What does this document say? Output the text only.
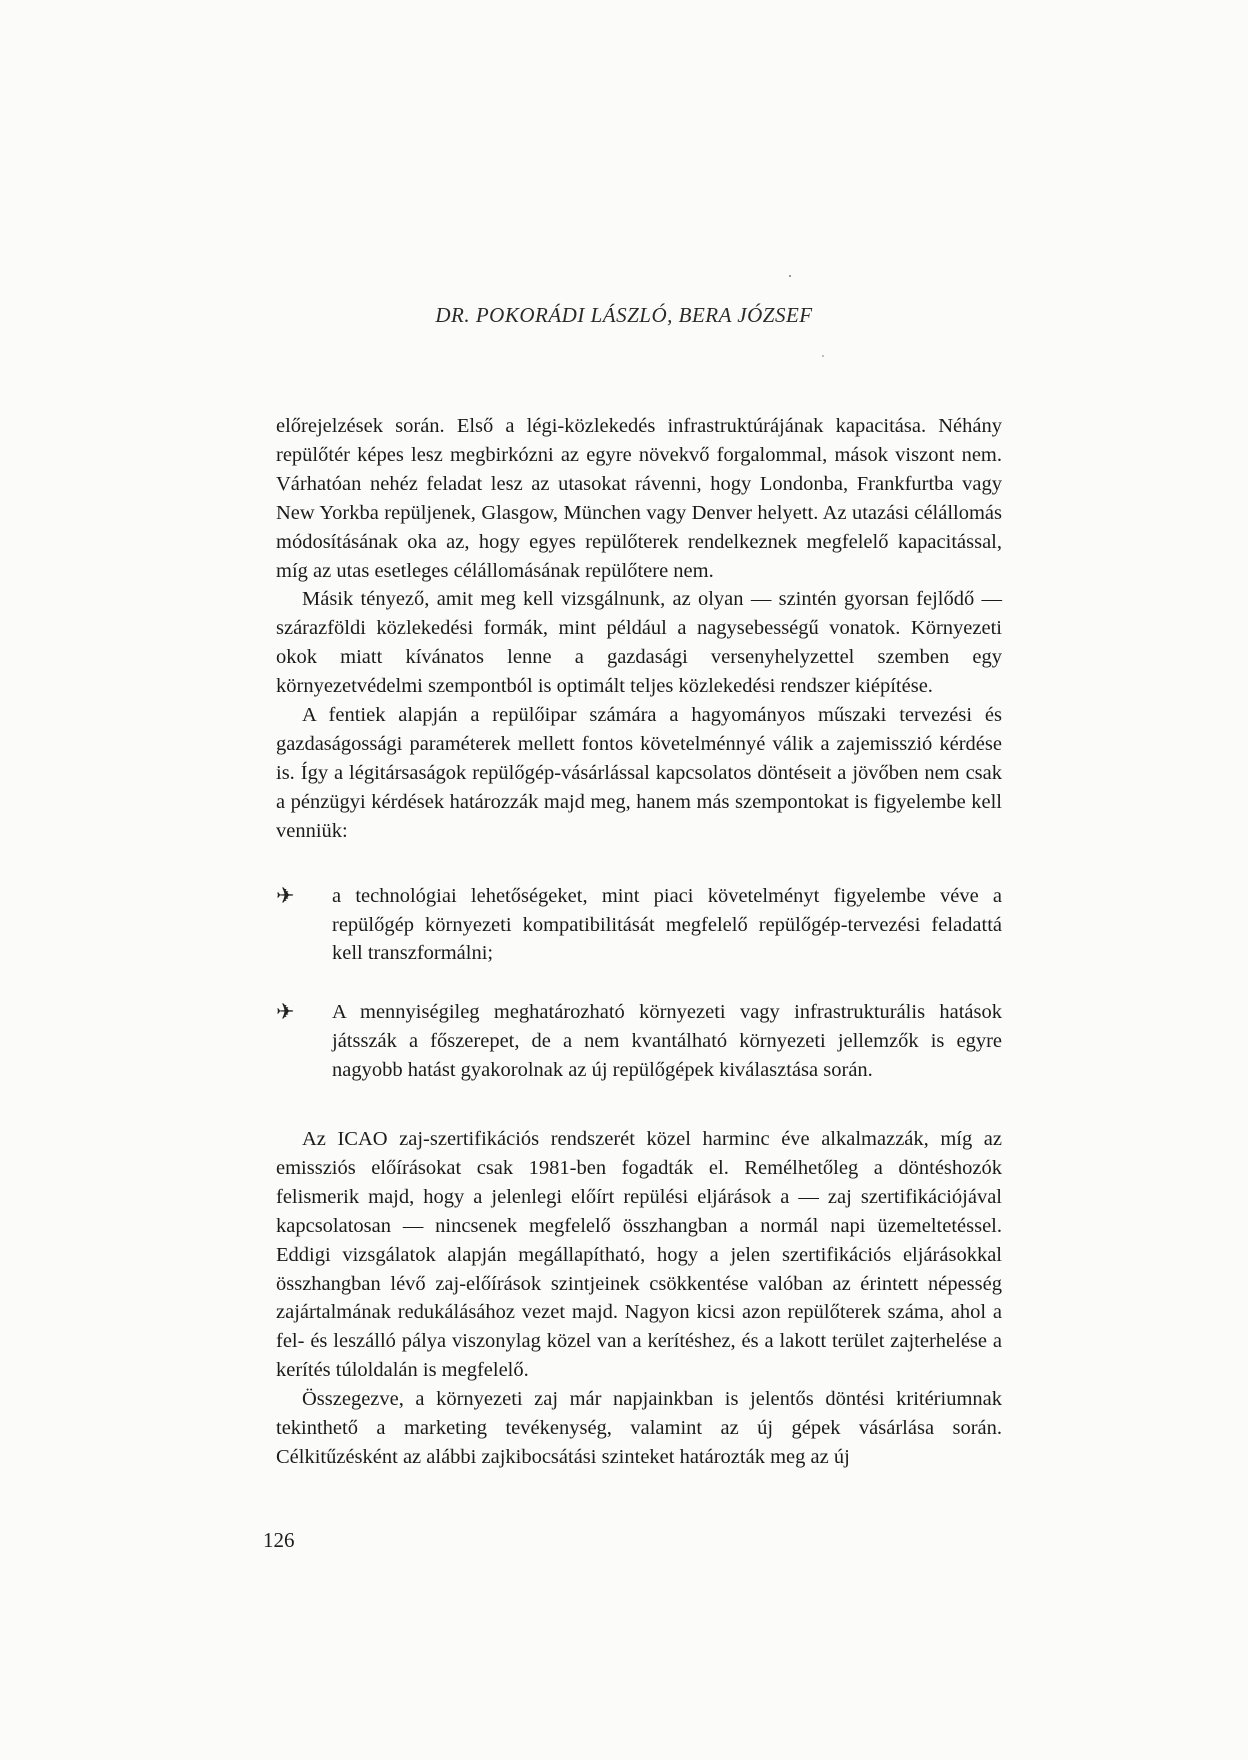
DR. POKORÁDI LÁSZLÓ, BERA JÓZSEF

előrejelzések során. Első a légi-közlekedés infrastruktúrájának kapacitása. Néhány repülőtér képes lesz megbirkózni az egyre növekvő forgalommal, mások viszont nem. Várhatóan nehéz feladat lesz az utasokat rávenni, hogy Londonba, Frankfurtba vagy New Yorkba repüljenek, Glasgow, München vagy Denver helyett. Az utazási célállomás módosításának oka az, hogy egyes repülőterek rendelkeznek megfelelő kapacitással, míg az utas esetleges célállomásának repülőtere nem.

Másik tényező, amit meg kell vizsgálnunk, az olyan — szintén gyorsan fejlődő — szárazföldi közlekedési formák, mint például a nagysebességű vonatok. Környezeti okok miatt kívánatos lenne a gazdasági versenyhelyzettel szemben egy környezetvédelmi szempontból is optimált teljes közlekedési rendszer kiépítése.

A fentiek alapján a repülőipar számára a hagyományos műszaki tervezési és gazdaságossági paraméterek mellett fontos követelménnyé válik a zajemisszió kérdése is. Így a légitársaságok repülőgép-vásárlással kapcsolatos döntéseit a jövőben nem csak a pénzügyi kérdések határozzák majd meg, hanem más szempontokat is figyelembe kell venniük:

✈	a technológiai lehetőségeket, mint piaci követelményt figyelembe véve a repülőgép környezeti kompatibilitását megfelelő repülőgép-tervezési feladattá kell transzformálni;
✈	A mennyiségileg meghatározható környezeti vagy infrastrukturális hatások játsszák a főszerepet, de a nem kvantálható környezeti jellemzők is egyre nagyobb hatást gyakorolnak az új repülőgépek kiválasztása során.

Az ICAO zaj-szertifikációs rendszerét közel harminc éve alkalmazzák, míg az emissziós előírásokat csak 1981-ben fogadták el. Remélhetőleg a döntéshozók felismerik majd, hogy a jelenlegi előírt repülési eljárások a — zaj szertifikációjával kapcsolatosan — nincsenek megfelelő összhangban a normál napi üzemeltetéssel. Eddigi vizsgálatok alapján megállapítható, hogy a jelen szertifikációs eljárásokkal összhangban lévő zaj-előírások szintjeinek csökkentése valóban az érintett népesség zajártalmának redukálásához vezet majd. Nagyon kicsi azon repülőterek száma, ahol a fel- és leszálló pálya viszonylag közel van a kerítéshez, és a lakott terület zajterhelése a kerítés túloldalán is megfelelő.

Összegezve, a környezeti zaj már napjainkban is jelentős döntési kritériumnak tekinthető a marketing tevékenység, valamint az új gépek vásárlása során. Célkitűzésként az alábbi zajkibocsátási szinteket határozták meg az új

126
